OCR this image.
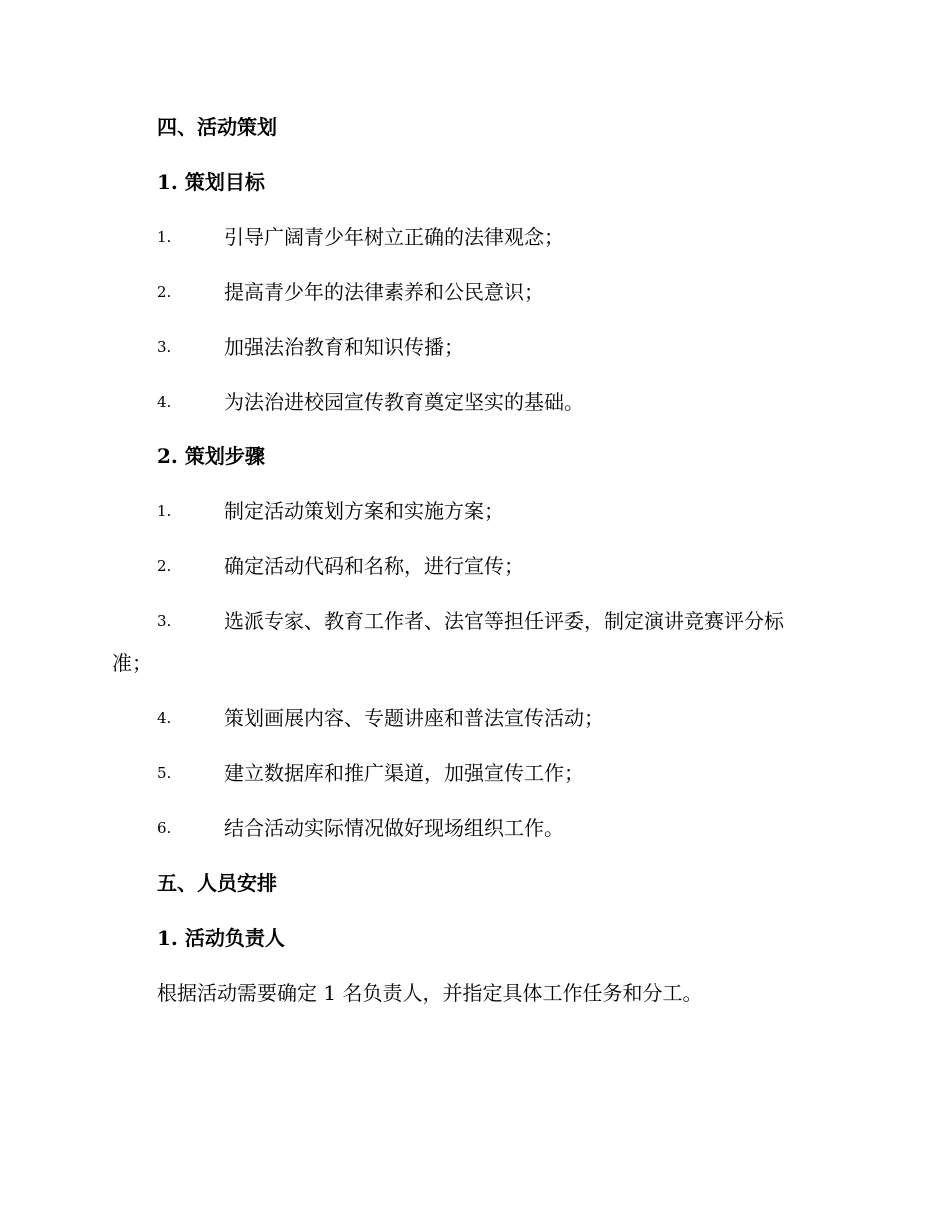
四、活动策划
1. 策划目标
1.	引导广阔青少年树立正确的法律观念；
2.	提高青少年的法律素养和公民意识；
3.	加强法治教育和知识传播；
4.	为法治进校园宣传教育奠定坚实的基础。
2. 策划步骤
1.	制定活动策划方案和实施方案；
2.	确定活动代码和名称，进行宣传；
3.	选派专家、教育工作者、法官等担任评委，制定演讲竞赛评分标
准；
4.	策划画展内容、专题讲座和普法宣传活动；
5.	建立数据库和推广渠道，加强宣传工作；
6.	结合活动实际情况做好现场组织工作。
五、人员安排
1. 活动负责人
根据活动需要确定 1 名负责人，并指定具体工作任务和分工。
